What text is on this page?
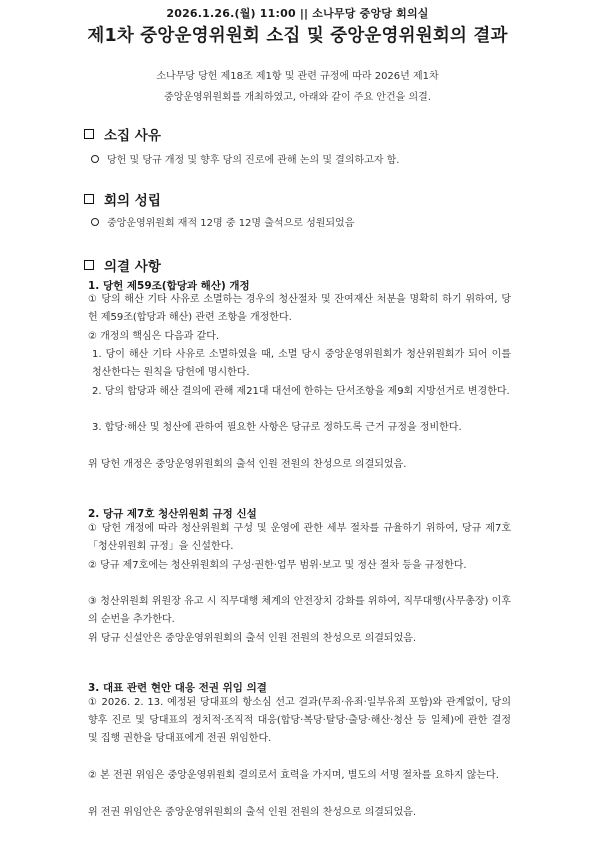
2026.1.26.(월) 11:00 || 소나무당 중앙당 회의실
제1차 중앙운영위원회 소집 및 중앙운영위원회의 결과
소나무당 당헌 제18조 제1항 및 관련 규정에 따라 2026년 제1차
중앙운영위원회를 개최하였고, 아래와 같이 주요 안건을 의결.
소집 사유
당헌 및 당규 개정 및 향후 당의 진로에 관해 논의 및 결의하고자 함.
회의 성립
중앙운영위원회 재적 12명 중 12명 출석으로 성원되었음
의결 사항
1. 당헌 제59조(합당과 해산) 개정
① 당의 해산 기타 사유로 소멸하는 경우의 청산절차 및 잔여재산 처분을 명확히 하기 위하여, 당헌 제59조(합당과 해산) 관련 조항을 개정한다.
② 개정의 핵심은 다음과 같다.
1. 당이 해산 기타 사유로 소멸하였을 때, 소멸 당시 중앙운영위원회가 청산위원회가 되어 이를 청산한다는 원칙을 당헌에 명시한다.
2. 당의 합당과 해산 결의에 관해 제21대 대선에 한하는 단서조항을 제9회 지방선거로 변경한다.
3. 합당·해산 및 청산에 관하여 필요한 사항은 당규로 정하도록 근거 규정을 정비한다.
위 당헌 개정은 중앙운영위원회의 출석 인원 전원의 찬성으로 의결되었음.
2. 당규 제7호 청산위원회 규정 신설
① 당헌 개정에 따라 청산위원회 구성 및 운영에 관한 세부 절차를 규율하기 위하여, 당규 제7호「청산위원회 규정」을 신설한다.
② 당규 제7호에는 청산위원회의 구성·권한·업무 범위·보고 및 정산 절차 등을 규정한다.
③ 청산위원회 위원장 유고 시 직무대행 체계의 안전장치 강화를 위하여, 직무대행(사무총장) 이후의 순번을 추가한다.
위 당규 신설안은 중앙운영위원회의 출석 인원 전원의 찬성으로 의결되었음.
3. 대표 관련 현안 대응 전권 위임 의결
① 2026. 2. 13. 예정된 당대표의 항소심 선고 결과(무죄·유죄·일부유죄 포함)와 관계없이, 당의 향후 진로 및 당대표의 정치적·조직적 대응(합당·복당·탈당·출당·해산·청산 등 일체)에 관한 결정 및 집행 권한을 당대표에게 전권 위임한다.
② 본 전권 위임은 중앙운영위원회 결의로서 효력을 가지며, 별도의 서명 절차를 요하지 않는다.
위 전권 위임안은 중앙운영위원회의 출석 인원 전원의 찬성으로 의결되었음.
